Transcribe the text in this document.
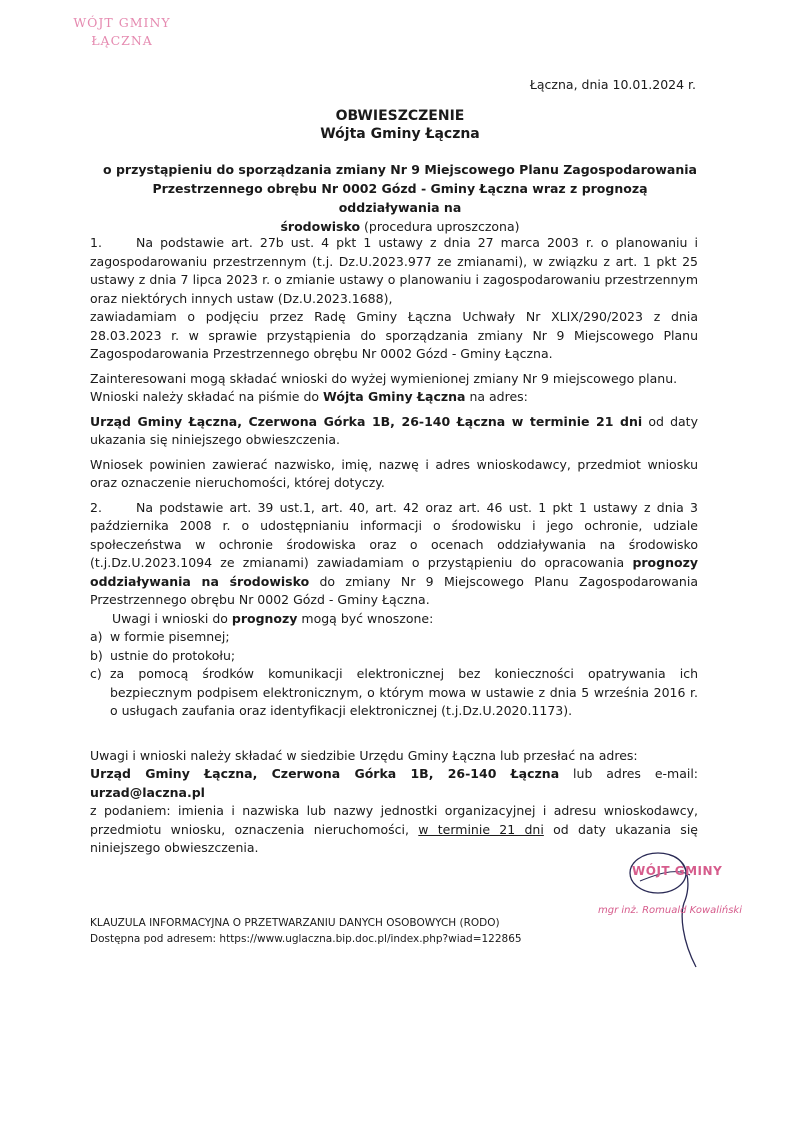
WÓJT GMINY
ŁĄCZNA
Łączna, dnia 10.01.2024 r.
OBWIESZCZENIE
Wójta Gminy Łączna
o przystąpieniu do sporządzania zmiany Nr 9 Miejscowego Planu Zagospodarowania
Przestrzennego obrębu Nr 0002 Gózd - Gminy Łączna wraz z prognozą oddziaływania na
środowisko (procedura uproszczona)

1.	Na podstawie art. 27b ust. 4 pkt 1 ustawy z dnia 27 marca 2003 r. o planowaniu i zagospodarowaniu przestrzennym (t.j. Dz.U.2023.977 ze zmianami), w związku z art. 1 pkt 25 ustawy z dnia 7 lipca 2023 r. o zmianie ustawy o planowaniu i zagospodarowaniu przestrzennym oraz niektórych innych ustaw (Dz.U.2023.1688),

zawiadamiam o podjęciu przez Radę Gminy Łączna Uchwały Nr XLIX/290/2023 z dnia 28.03.2023 r. w sprawie przystąpienia do sporządzania zmiany Nr 9 Miejscowego Planu Zagospodarowania Przestrzennego obrębu Nr 0002 Gózd - Gminy Łączna.

Zainteresowani mogą składać wnioski do wyżej wymienionej zmiany Nr 9 miejscowego planu.

Wnioski należy składać na piśmie do Wójta Gminy Łączna na adres:

Urząd Gminy Łączna, Czerwona Górka 1B, 26-140 Łączna w terminie 21 dni od daty ukazania się niniejszego obwieszczenia.

Wniosek powinien zawierać nazwisko, imię, nazwę i adres wnioskodawcy, przedmiot wniosku oraz oznaczenie nieruchomości, której dotyczy.

2.	Na podstawie art. 39 ust.1, art. 40, art. 42 oraz art. 46 ust. 1 pkt 1 ustawy z dnia 3 października 2008 r. o udostępnianiu informacji o środowisku i jego ochronie, udziale społeczeństwa w ochronie środowiska oraz o ocenach oddziaływania na środowisko (t.j.Dz.U.2023.1094 ze zmianami) zawiadamiam o przystąpieniu do opracowania prognozy oddziaływania na środowisko do zmiany Nr 9 Miejscowego Planu Zagospodarowania Przestrzennego obrębu Nr 0002 Gózd - Gminy Łączna.

Uwagi i wnioski do prognozy mogą być wnoszone:

a) w formie pisemnej;
b) ustnie do protokołu;
c) za pomocą środków komunikacji elektronicznej bez konieczności opatrywania ich bezpiecznym podpisem elektronicznym, o którym mowa w ustawie z dnia 5 września 2016 r. o usługach zaufania oraz identyfikacji elektronicznej (t.j.Dz.U.2020.1173).

Uwagi i wnioski należy składać w siedzibie Urzędu Gminy Łączna lub przesłać na adres:

Urząd Gminy Łączna, Czerwona Górka 1B, 26-140 Łączna lub adres e-mail: urzad@laczna.pl

z podaniem: imienia i nazwiska lub nazwy jednostki organizacyjnej i adresu wnioskodawcy, przedmiotu wniosku, oznaczenia nieruchomości, w terminie 21 dni od daty ukazania się niniejszego obwieszczenia.

KLAUZULA INFORMACYJNA O PRZETWARZANIU DANYCH OSOBOWYCH (RODO)
Dostępna pod adresem: https://www.uglaczna.bip.doc.pl/index.php?wiad=122865
WÓJT GMINY
mgr inż. Romuald Kowaliński
